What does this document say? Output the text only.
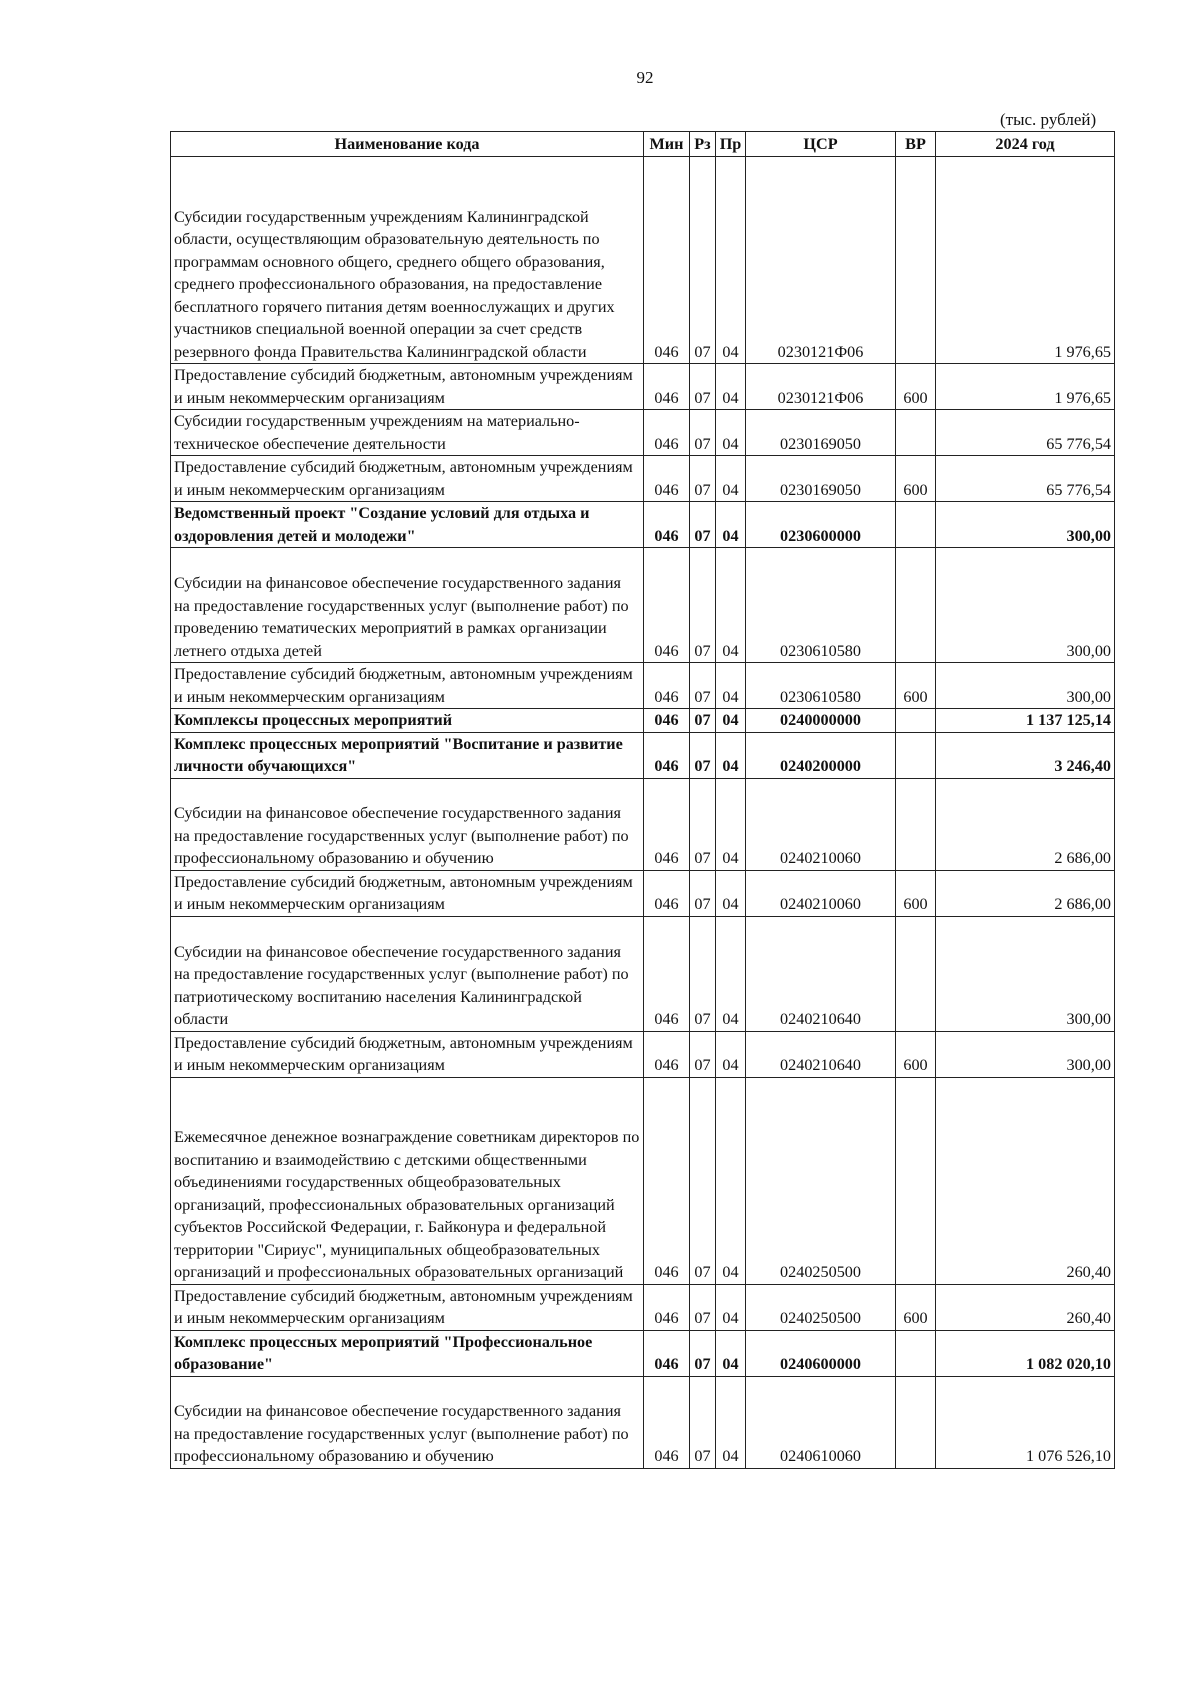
92
(тыс. рублей)
Наименование кода	Мин	Рз	Пр	ЦСР	ВР	2024 год
Субсидии государственным учреждениям Калининградской области, осуществляющим образовательную деятельность по программам основного общего, среднего общего образования, среднего профессионального образования, на предоставление бесплатного горячего питания детям военнослужащих и других участников специальной военной операции за счет средств резервного фонда Правительства Калининградской области	046	07	04	0230121Ф06		1 976,65
Предоставление субсидий бюджетным, автономным учреждениям и иным некоммерческим организациям	046	07	04	0230121Ф06	600	1 976,65
Субсидии государственным учреждениям на материально-техническое обеспечение деятельности	046	07	04	0230169050		65 776,54
Предоставление субсидий бюджетным, автономным учреждениям и иным некоммерческим организациям	046	07	04	0230169050	600	65 776,54
Ведомственный проект "Создание условий для отдыха и оздоровления детей и молодежи"	046	07	04	0230600000		300,00
Субсидии на финансовое обеспечение государственного задания на предоставление государственных услуг (выполнение работ) по проведению тематических мероприятий в рамках организации летнего отдыха детей	046	07	04	0230610580		300,00
Предоставление субсидий бюджетным, автономным учреждениям и иным некоммерческим организациям	046	07	04	0230610580	600	300,00
Комплексы процессных мероприятий	046	07	04	0240000000		1 137 125,14
Комплекс процессных мероприятий "Воспитание и развитие личности обучающихся"	046	07	04	0240200000		3 246,40
Субсидии на финансовое обеспечение государственного задания на предоставление государственных услуг (выполнение работ) по профессиональному образованию и обучению	046	07	04	0240210060		2 686,00
Предоставление субсидий бюджетным, автономным учреждениям и иным некоммерческим организациям	046	07	04	0240210060	600	2 686,00
Субсидии на финансовое обеспечение государственного задания на предоставление государственных услуг (выполнение работ) по патриотическому воспитанию населения Калининградской области	046	07	04	0240210640		300,00
Предоставление субсидий бюджетным, автономным учреждениям и иным некоммерческим организациям	046	07	04	0240210640	600	300,00
Ежемесячное денежное вознаграждение советникам директоров по воспитанию и взаимодействию с детскими общественными объединениями государственных общеобразовательных организаций, профессиональных образовательных организаций субъектов Российской Федерации, г. Байконура и федеральной территории "Сириус", муниципальных общеобразовательных организаций и профессиональных образовательных организаций	046	07	04	0240250500		260,40
Предоставление субсидий бюджетным, автономным учреждениям и иным некоммерческим организациям	046	07	04	0240250500	600	260,40
Комплекс процессных мероприятий "Профессиональное образование"	046	07	04	0240600000		1 082 020,10
Субсидии на финансовое обеспечение государственного задания на предоставление государственных услуг (выполнение работ) по профессиональному образованию и обучению	046	07	04	0240610060		1 076 526,10
